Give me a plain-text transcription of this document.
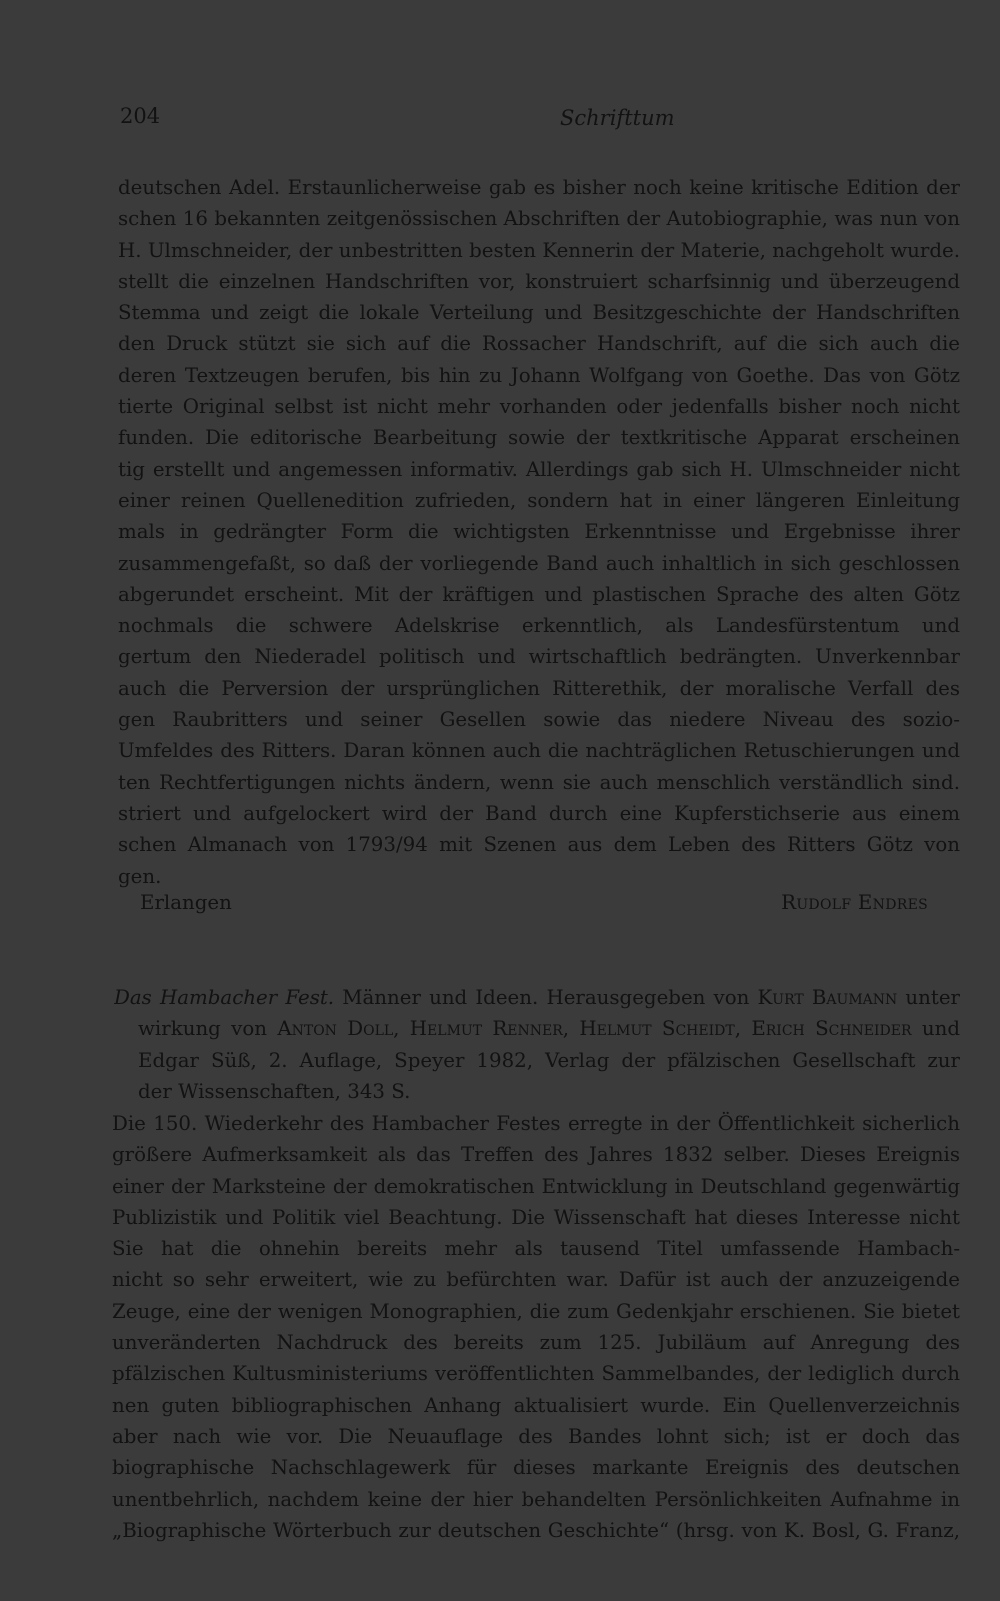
204	Schrifttum
deutschen Adel. Erstaunlicherweise gab es bisher noch keine kritische Edition der
schen 16 bekannten zeitgenössischen Abschriften der Autobiographie, was nun von
H. Ulmschneider, der unbestritten besten Kennerin der Materie, nachgeholt wurde.
stellt die einzelnen Handschriften vor, konstruiert scharfsinnig und überzeugend
Stemma und zeigt die lokale Verteilung und Besitzgeschichte der Handschriften
den Druck stützt sie sich auf die Rossacher Handschrift, auf die sich auch die
deren Textzeugen berufen, bis hin zu Johann Wolfgang von Goethe. Das von Götz
tierte Original selbst ist nicht mehr vorhanden oder jedenfalls bisher noch nicht
funden. Die editorische Bearbeitung sowie der textkritische Apparat erscheinen
tig erstellt und angemessen informativ. Allerdings gab sich H. Ulmschneider nicht
einer reinen Quellenedition zufrieden, sondern hat in einer längeren Einleitung
mals in gedrängter Form die wichtigsten Erkenntnisse und Ergebnisse ihrer
zusammengefaßt, so daß der vorliegende Band auch inhaltlich in sich geschlossen
abgerundet erscheint. Mit der kräftigen und plastischen Sprache des alten Götz
nochmals die schwere Adelskrise erkenntlich, als Landesfürstentum und
gertum den Niederadel politisch und wirtschaftlich bedrängten. Unverkennbar
auch die Perversion der ursprünglichen Ritterethik, der moralische Verfall des
gen Raubritters und seiner Gesellen sowie das niedere Niveau des sozio-
Umfeldes des Ritters. Daran können auch die nachträglichen Retuschierungen und
ten Rechtfertigungen nichts ändern, wenn sie auch menschlich verständlich sind.
striert und aufgelockert wird der Band durch eine Kupferstichserie aus einem
schen Almanach von 1793/94 mit Szenen aus dem Leben des Ritters Götz von
gen.
Erlangen	Rudolf Endres
Das Hambacher Fest. Männer und Ideen. Herausgegeben von Kurt Baumann unter
wirkung von Anton Doll, Helmut Renner, Helmut Scheidt, Erich Schneider und
Edgar Süß, 2. Auflage, Speyer 1982, Verlag der pfälzischen Gesellschaft zur
der Wissenschaften, 343 S.
Die 150. Wiederkehr des Hambacher Festes erregte in der Öffentlichkeit sicherlich
größere Aufmerksamkeit als das Treffen des Jahres 1832 selber. Dieses Ereignis
einer der Marksteine der demokratischen Entwicklung in Deutschland gegenwärtig
Publizistik und Politik viel Beachtung. Die Wissenschaft hat dieses Interesse nicht
Sie hat die ohnehin bereits mehr als tausend Titel umfassende Hambach-
nicht so sehr erweitert, wie zu befürchten war. Dafür ist auch der anzuzeigende
Zeuge, eine der wenigen Monographien, die zum Gedenkjahr erschienen. Sie bietet
unveränderten Nachdruck des bereits zum 125. Jubiläum auf Anregung des
pfälzischen Kultusministeriums veröffentlichten Sammelbandes, der lediglich durch
nen guten bibliographischen Anhang aktualisiert wurde. Ein Quellenverzeichnis
aber nach wie vor. Die Neuauflage des Bandes lohnt sich; ist er doch das
biographische Nachschlagewerk für dieses markante Ereignis des deutschen
unentbehrlich, nachdem keine der hier behandelten Persönlichkeiten Aufnahme in
„Biographische Wörterbuch zur deutschen Geschichte“ (hrsg. von K. Bosl, G. Franz,
